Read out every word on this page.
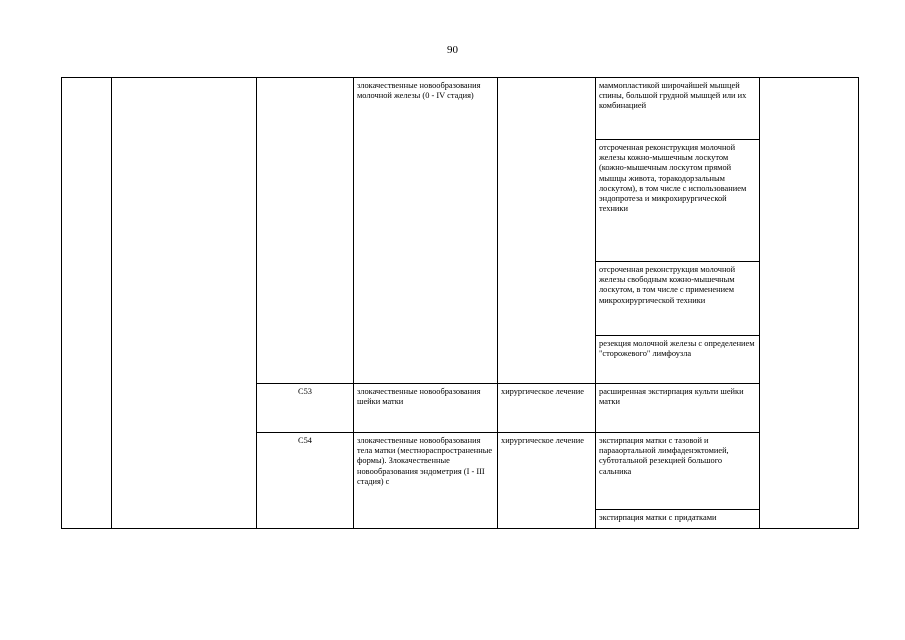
90
			злокачественные новообразования молочной железы (0 - IV стадия)		маммопластикой широчайшей мышцей спины, большой грудной мышцей или их комбинацией	
					отсроченная реконструкция молочной железы кожно-мышечным лоскутом (кожно-мышечным лоскутом прямой мышцы живота, торакодорзальным лоскутом), в том числе с использованием эндопротеза и микрохирургической техники	
					отсроченная реконструкция молочной железы свободным кожно-мышечным лоскутом, в том числе с применением микрохирургической техники	
					резекция молочной железы с определением "сторожевого" лимфоузла	
		C53	злокачественные новообразования шейки матки	хирургическое лечение	расширенная экстирпация культи шейки матки	
		C54	злокачественные новообразования тела матки (местнораспространенные формы). Злокачественные новообразования эндометрия (I - III стадия) с	хирургическое лечение	экстирпация матки с тазовой и парааортальной лимфаденэктомией, субтотальной резекцией большого сальника	

					экстирпация матки с придатками	
